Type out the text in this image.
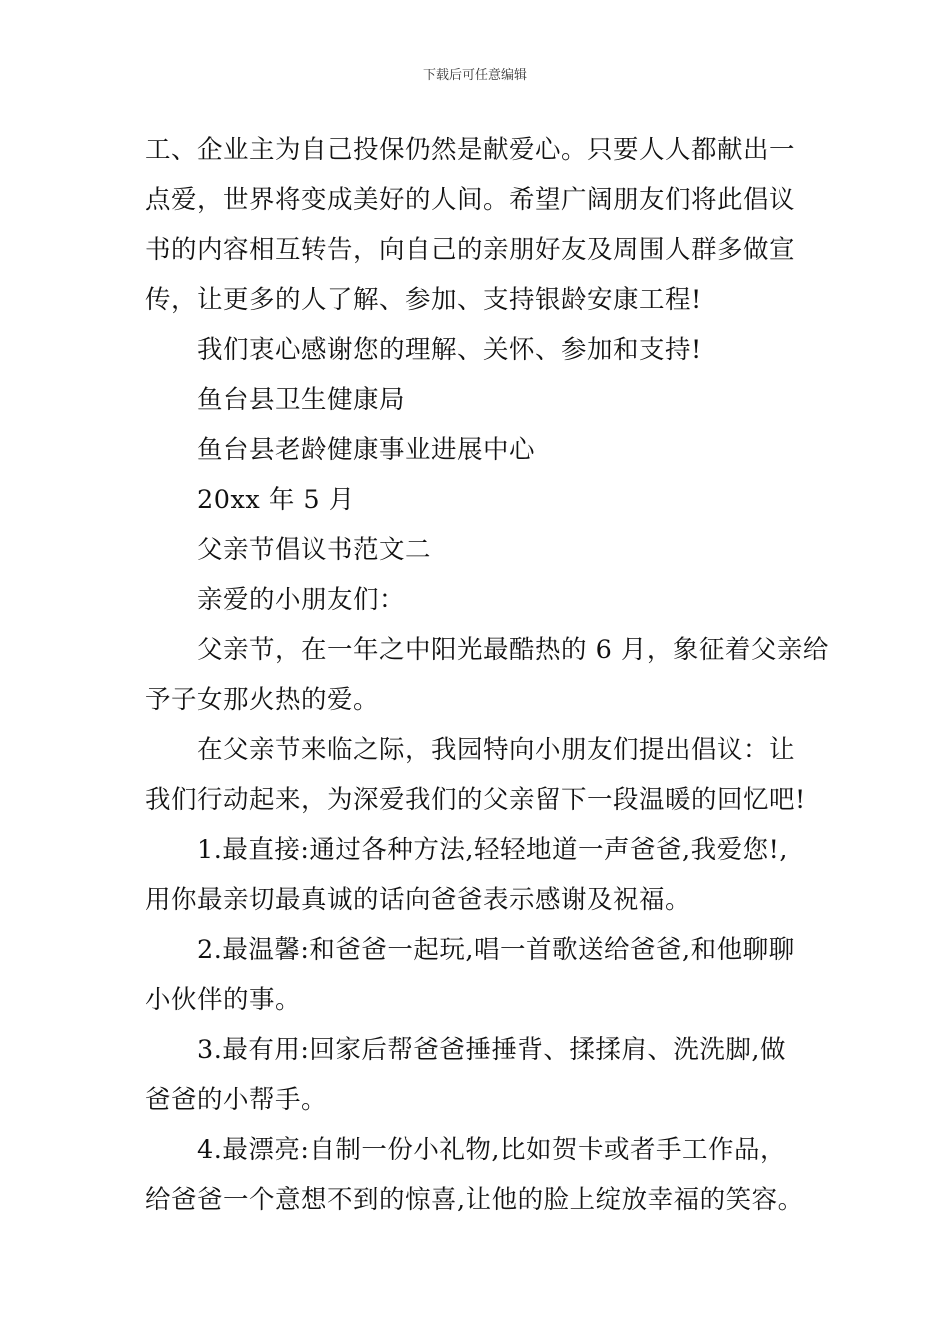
下载后可任意编辑
工、企业主为自己投保仍然是献爱心。只要人人都献出一
点爱，世界将变成美好的人间。希望广阔朋友们将此倡议
书的内容相互转告，向自己的亲朋好友及周围人群多做宣
传，让更多的人了解、参加、支持银龄安康工程!
我们衷心感谢您的理解、关怀、参加和支持!
鱼台县卫生健康局
鱼台县老龄健康事业进展中心
20xx 年 5 月
父亲节倡议书范文二
亲爱的小朋友们：
父亲节，在一年之中阳光最酷热的 6 月，象征着父亲给
予子女那火热的爱。
在父亲节来临之际，我园特向小朋友们提出倡议：让
我们行动起来，为深爱我们的父亲留下一段温暖的回忆吧!
1.最直接:通过各种方法,轻轻地道一声爸爸,我爱您!,
用你最亲切最真诚的话向爸爸表示感谢及祝福。
2.最温馨:和爸爸一起玩,唱一首歌送给爸爸,和他聊聊
小伙伴的事。
3.最有用:回家后帮爸爸捶捶背、揉揉肩、洗洗脚,做
爸爸的小帮手。
4.最漂亮:自制一份小礼物,比如贺卡或者手工作品，
给爸爸一个意想不到的惊喜,让他的脸上绽放幸福的笑容。
